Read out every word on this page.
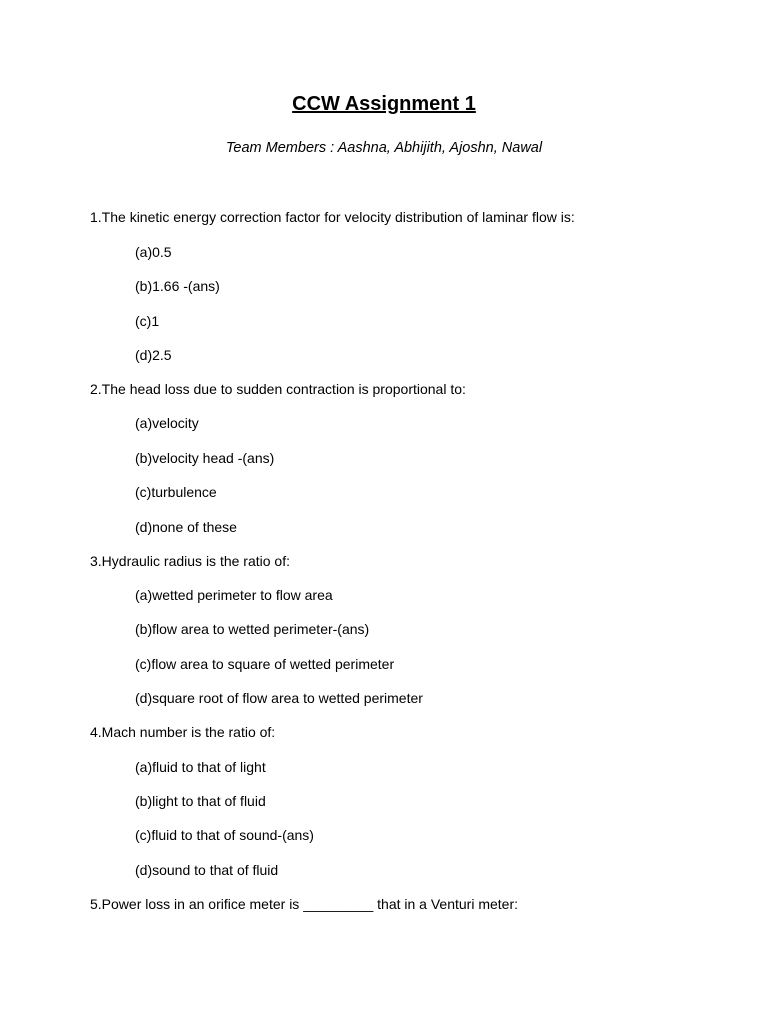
CCW Assignment 1
Team Members : Aashna, Abhijith, Ajoshn, Nawal
1.The kinetic energy correction factor for velocity distribution of laminar flow is:
(a)0.5
(b)1.66 -(ans)
(c)1
(d)2.5
2.The head loss due to sudden contraction is proportional to:
(a)velocity
(b)velocity head -(ans)
(c)turbulence
(d)none of these
3.Hydraulic radius is the ratio of:
(a)wetted perimeter to flow area
(b)flow area to wetted perimeter-(ans)
(c)flow area to square of wetted perimeter
(d)square root of flow area to wetted perimeter
4.Mach number is the ratio of:
(a)fluid to that of light
(b)light to that of fluid
(c)fluid to that of sound-(ans)
(d)sound to that of fluid
5.Power loss in an orifice meter is _________ that in a Venturi meter:
